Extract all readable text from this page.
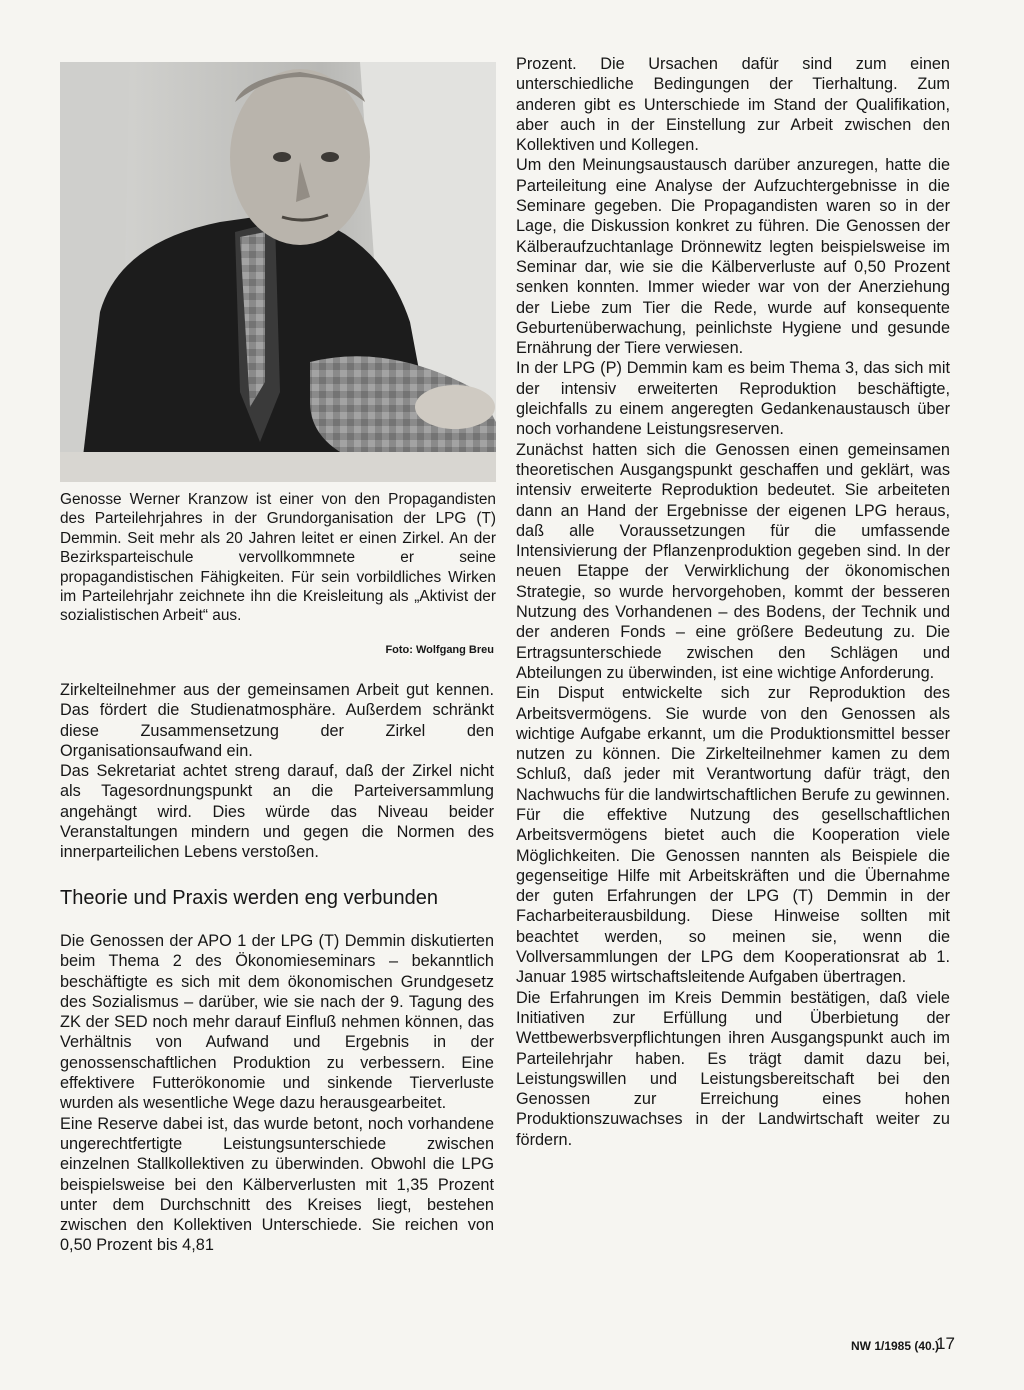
Genosse Werner Kranzow ist einer von den Propagandisten des Parteilehrjahres in der Grundorganisation der LPG (T) Demmin. Seit mehr als 20 Jahren leitet er einen Zirkel. An der Bezirksparteischule vervollkommnete er seine propagandistischen Fähigkeiten. Für sein vorbildliches Wirken im Parteilehrjahr zeichnete ihn die Kreisleitung als „Aktivist der sozialistischen Arbeit“ aus.
Foto: Wolfgang Breu

Zirkelteilnehmer aus der gemeinsamen Arbeit gut kennen. Das fördert die Studienatmosphäre. Außerdem schränkt diese Zusammensetzung der Zirkel den Organisationsaufwand ein.

Das Sekretariat achtet streng darauf, daß der Zirkel nicht als Tagesordnungspunkt an die Parteiversammlung angehängt wird. Dies würde das Niveau beider Veranstaltungen mindern und gegen die Normen des innerparteilichen Lebens verstoßen.

Theorie und Praxis werden eng verbunden

Die Genossen der APO 1 der LPG (T) Demmin diskutierten beim Thema 2 des Ökonomieseminars – bekanntlich beschäftigte es sich mit dem ökonomischen Grundgesetz des Sozialismus – darüber, wie sie nach der 9. Tagung des ZK der SED noch mehr darauf Einfluß nehmen können, das Verhältnis von Aufwand und Ergebnis in der genossenschaftlichen Produktion zu verbessern. Eine effektivere Futterökonomie und sinkende Tierverluste wurden als wesentliche Wege dazu herausgearbeitet.

Eine Reserve dabei ist, das wurde betont, noch vorhandene ungerechtfertigte Leistungsunterschiede zwischen einzelnen Stallkollektiven zu überwinden. Obwohl die LPG beispielsweise bei den Kälberverlusten mit 1,35 Prozent unter dem Durchschnitt des Kreises liegt, bestehen zwischen den Kollektiven Unterschiede. Sie reichen von 0,50 Prozent bis 4,81

Prozent. Die Ursachen dafür sind zum einen unterschiedliche Bedingungen der Tierhaltung. Zum anderen gibt es Unterschiede im Stand der Qualifikation, aber auch in der Einstellung zur Arbeit zwischen den Kollektiven und Kollegen.

Um den Meinungsaustausch darüber anzuregen, hatte die Parteileitung eine Analyse der Aufzuchtergebnisse in die Seminare gegeben. Die Propagandisten waren so in der Lage, die Diskussion konkret zu führen. Die Genossen der Kälberaufzuchtanlage Drönnewitz legten beispielsweise im Seminar dar, wie sie die Kälberverluste auf 0,50 Prozent senken konnten. Immer wieder war von der Anerziehung der Liebe zum Tier die Rede, wurde auf konsequente Geburtenüberwachung, peinlichste Hygiene und gesunde Ernährung der Tiere verwiesen.

In der LPG (P) Demmin kam es beim Thema 3, das sich mit der intensiv erweiterten Reproduktion beschäftigte, gleichfalls zu einem angeregten Gedankenaustausch über noch vorhandene Leistungsreserven.

Zunächst hatten sich die Genossen einen gemeinsamen theoretischen Ausgangspunkt geschaffen und geklärt, was intensiv erweiterte Reproduktion bedeutet. Sie arbeiteten dann an Hand der Ergebnisse der eigenen LPG heraus, daß alle Voraussetzungen für die umfassende Intensivierung der Pflanzenproduktion gegeben sind. In der neuen Etappe der Verwirklichung der ökonomischen Strategie, so wurde hervorgehoben, kommt der besseren Nutzung des Vorhandenen – des Bodens, der Technik und der anderen Fonds – eine größere Bedeutung zu. Die Ertragsunterschiede zwischen den Schlägen und Abteilungen zu überwinden, ist eine wichtige Anforderung.

Ein Disput entwickelte sich zur Reproduktion des Arbeitsvermögens. Sie wurde von den Genossen als wichtige Aufgabe erkannt, um die Produktionsmittel besser nutzen zu können. Die Zirkelteilnehmer kamen zu dem Schluß, daß jeder mit Verantwortung dafür trägt, den Nachwuchs für die landwirtschaftlichen Berufe zu gewinnen. Für die effektive Nutzung des gesellschaftlichen Arbeitsvermögens bietet auch die Kooperation viele Möglichkeiten. Die Genossen nannten als Beispiele die gegenseitige Hilfe mit Arbeitskräften und die Übernahme der guten Erfahrungen der LPG (T) Demmin in der Facharbeiterausbildung. Diese Hinweise sollten mit beachtet werden, so meinen sie, wenn die Vollversammlungen der LPG dem Kooperationsrat ab 1. Januar 1985 wirtschaftsleitende Aufgaben übertragen.

Die Erfahrungen im Kreis Demmin bestätigen, daß viele Initiativen zur Erfüllung und Überbietung der Wettbewerbsverpflichtungen ihren Ausgangspunkt auch im Parteilehrjahr haben. Es trägt damit dazu bei, Leistungswillen und Leistungsbereitschaft bei den Genossen zur Erreichung eines hohen Produktionszuwachses in der Landwirtschaft weiter zu fördern.

NW 1/1985 (40.)
17
